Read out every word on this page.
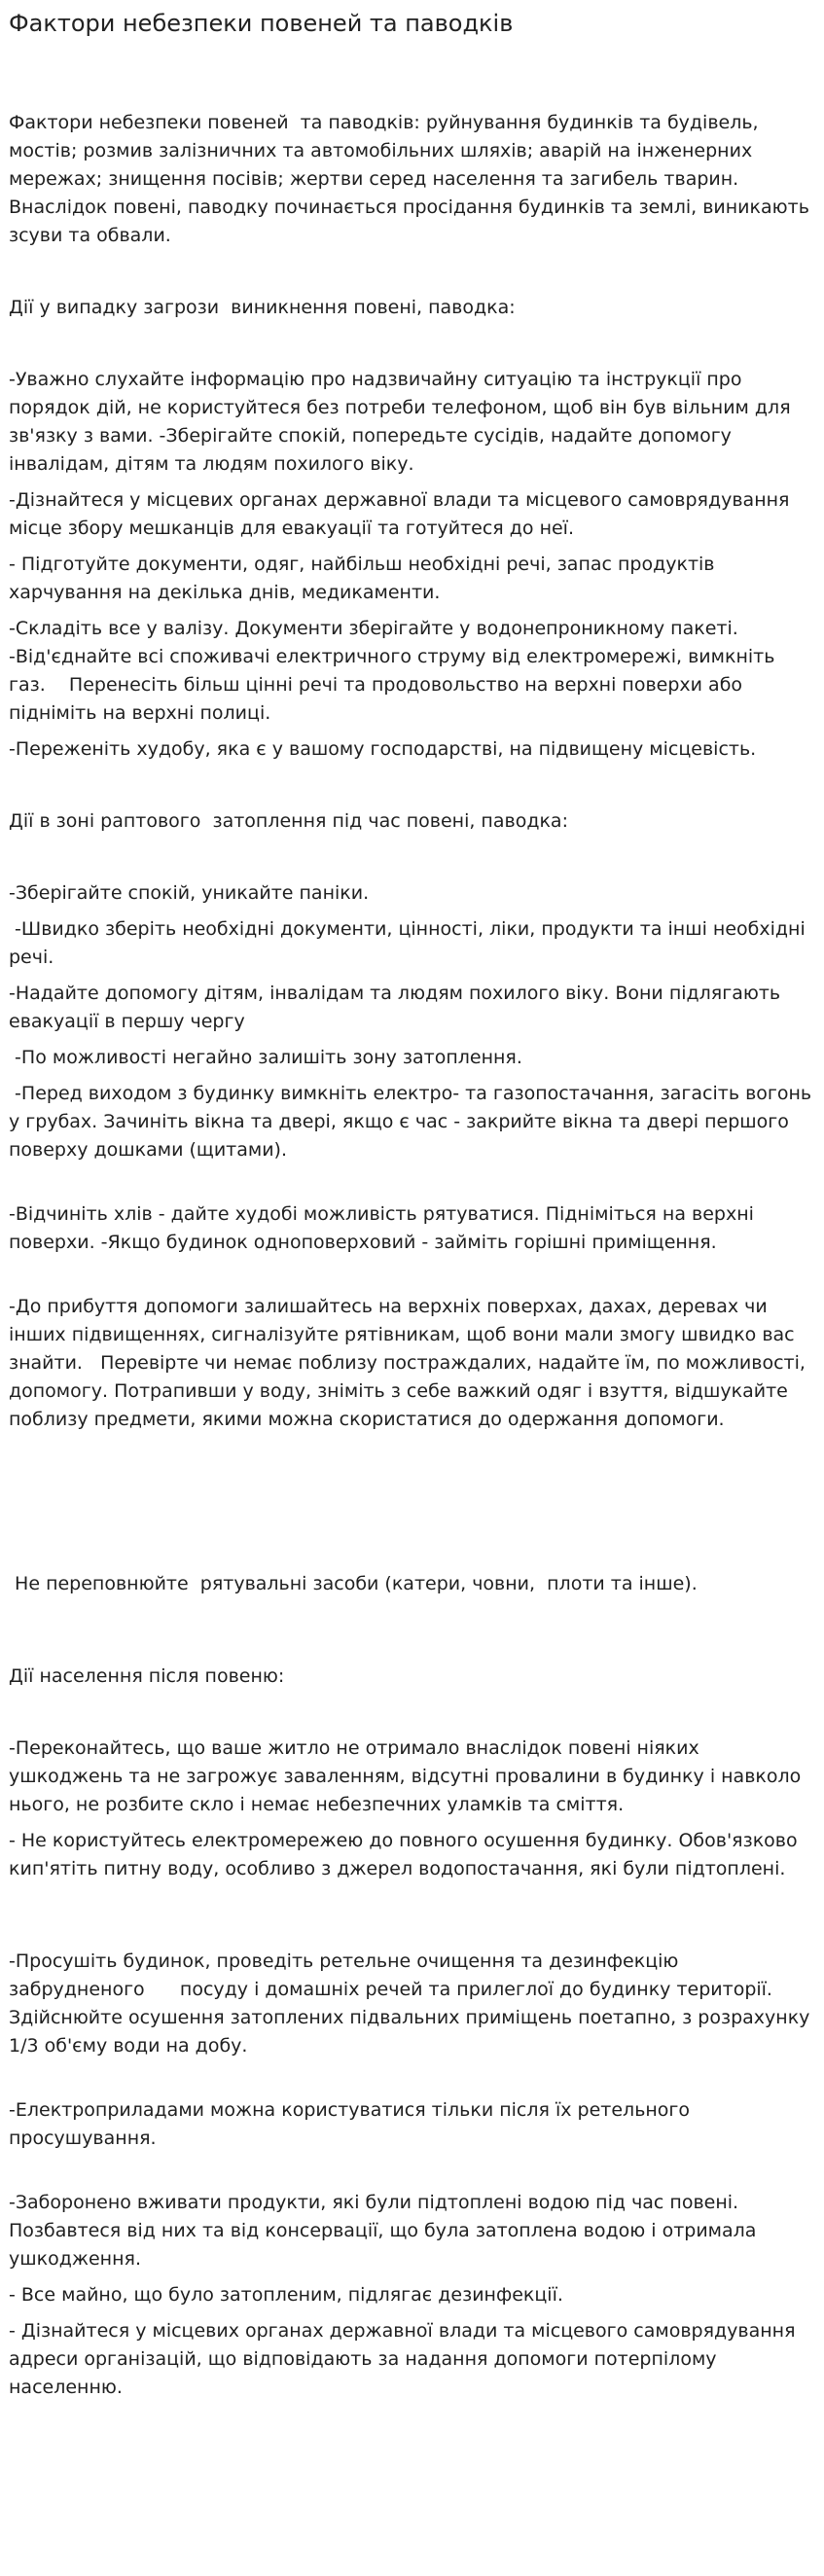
Фактори небезпеки повеней та паводків

Фактори небезпеки повеней  та паводків: руйнування будинків та будівель, мостів; розмив залізничних та автомобільних шляхів; аварій на інженерних мережах; знищення посівів; жертви серед населення та загибель тварин. Внаслідок повені, паводку починається просідання будинків та землі, виникають зсуви та обвали.

Дії у випадку загрози  виникнення повені, паводка:

-Уважно слухайте інформацію про надзвичайну ситуацію та інструкції про порядок дій, не користуйтеся без потреби телефоном, щоб він був вільним для зв'язку з вами. -Зберігайте спокій, попередьте сусідів, надайте допомогу інвалідам, дітям та людям похилого віку.

-Дізнайтеся у місцевих органах державної влади та місцевого самоврядування місце збору мешканців для евакуації та готуйтеся до неї.

- Підготуйте документи, одяг, найбільш необхідні речі, запас продуктів харчування на декілька днів, медикаменти.

-Складіть все у валізу. Документи зберігайте у водонепроникному пакеті. -Від'єднайте всі споживачі електричного струму від електромережі, вимкніть газ.    Перенесіть більш цінні речі та продовольство на верхні поверхи або підніміть на верхні полиці.

-Переженіть худобу, яка є у вашому господарстві, на підвищену місцевість.

Дії в зоні раптового  затоплення під час повені, паводка:

-Зберігайте спокій, уникайте паніки.

-Швидко зберіть необхідні документи, цінності, ліки, продукти та інші необхідні речі.

-Надайте допомогу дітям, інвалідам та людям похилого віку. Вони підлягають евакуації в першу чергу

-По можливості негайно залишіть зону затоплення.

-Перед виходом з будинку вимкніть електро- та газопостачання, загасіть вогонь у грубах. Зачиніть вікна та двері, якщо є час - закрийте вікна та двері першого поверху дошками (щитами).

-Відчиніть хлів - дайте худобі можливість рятуватися. Підніміться на верхні поверхи. -Якщо будинок одноповерховий - займіть горішні приміщення.

-До прибуття допомоги залишайтесь на верхніх поверхах, дахах, деревах чи інших підвищеннях, сигналізуйте рятівникам, щоб вони мали змогу швидко вас знайти.   Перевірте чи немає поблизу постраждалих, надайте їм, по можливості, допомогу. Потрапивши у воду, зніміть з себе важкий одяг і взуття, відшукайте поблизу предмети, якими можна скористатися до одержання допомоги.

Не переповнюйте  рятувальні засоби (катери, човни,  плоти та інше).

Дії населення після повеню:

-Переконайтесь, що ваше житло не отримало внаслідок повені ніяких ушкоджень та не загрожує заваленням, відсутні провалини в будинку і навколо нього, не розбите скло і немає небезпечних уламків та сміття.

- Не користуйтесь електромережею до повного осушення будинку. Обов'язково кип'ятіть питну воду, особливо з джерел водопостачання, які були підтоплені.

-Просушіть будинок, проведіть ретельне очищення та дезинфекцію забрудненого      посуду і домашніх речей та прилеглої до будинку території. Здійснюйте осушення затоплених підвальних приміщень поетапно, з розрахунку 1/3 об'єму води на добу.

-Електроприладами можна користуватися тільки після їх ретельного просушування.

-Заборонено вживати продукти, які були підтоплені водою під час повені. Позбавтеся від них та від консервації, що була затоплена водою і отримала ушкодження.

- Все майно, що було затопленим, підлягає дезинфекції.

- Дізнайтеся у місцевих органах державної влади та місцевого самоврядування адреси організацій, що відповідають за надання допомоги потерпілому населенню.
